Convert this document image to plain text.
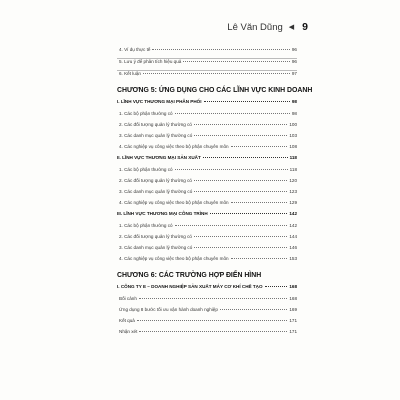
Lê Văn Dũng ◀ 9
4. Ví dụ thực tế	96
5. Lưu ý để phân tích hiệu quả	96
6. Kết luận	97
CHƯƠNG 5: ỨNG DỤNG CHO CÁC LĨNH VỰC KINH DOANH
I. LĨNH VỰC THƯƠNG MẠI PHÂN PHỐI	98
1. Các bộ phận thường có	98
2. Các đối tượng quản lý thường có	100
3. Các danh mục quản lý thường có	103
4. Các nghiệp vụ công việc theo bộ phận chuyên môn	108
II. LĨNH VỰC THƯƠNG MẠI SẢN XUẤT	118
1. Các bộ phận thường có	118
2. Các đối tượng quản lý thường có	120
3. Các danh mục quản lý thường có	123
4. Các nghiệp vụ công việc theo bộ phận chuyên môn	129
III. LĨNH VỰC THƯƠNG MẠI CÔNG TRÌNH	142
1. Các bộ phận thường có	142
2. Các đối tượng quản lý thường có	144
3. Các danh mục quản lý thường có	146
4. Các nghiệp vụ công việc theo bộ phận chuyên môn	153
CHƯƠNG 6: CÁC TRƯỜNG HỢP ĐIỂN HÌNH
I. CÔNG TY E – DOANH NGHIỆP SẢN XUẤT MÁY CƠ KHÍ CHẾ TẠO	168
Bối cảnh	168
Ứng dụng 8 bước tối ưu vận hành doanh nghiệp	169
Kết quả	171
Nhận xét	171
